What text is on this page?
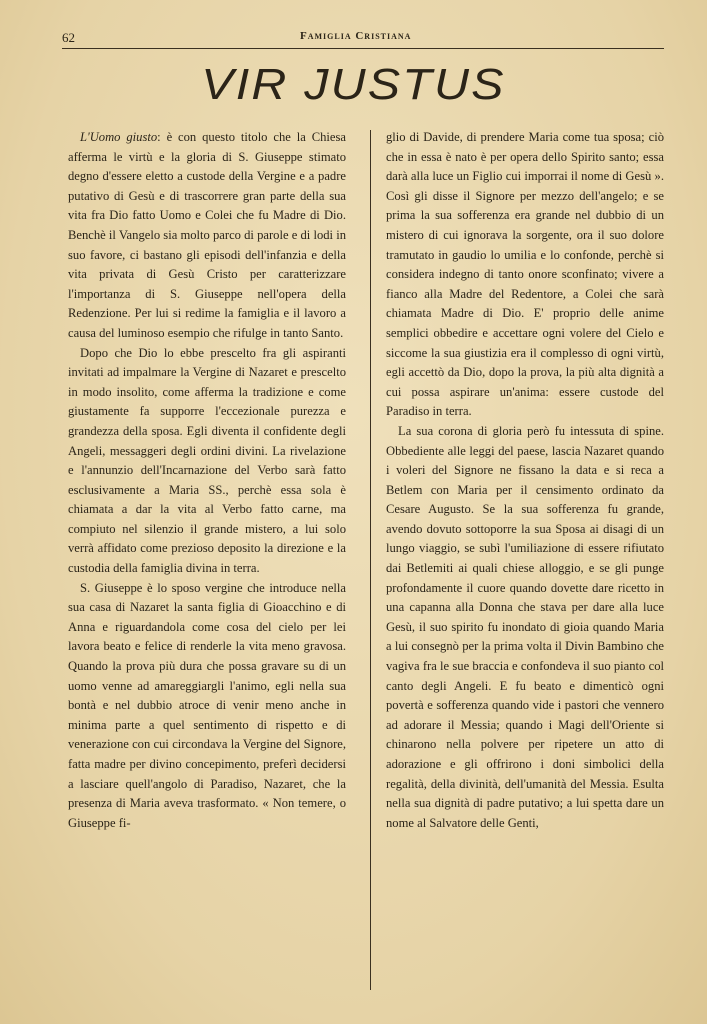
62	Famiglia Cristiana
VIR JUSTUS

L'Uomo giusto: è con questo titolo che la Chiesa afferma le virtù e la gloria di S. Giuseppe stimato degno d'essere eletto a custode della Vergine e a padre putativo di Gesù e di trascorrere gran parte della sua vita fra Dio fatto Uomo e Colei che fu Madre di Dio. Benchè il Vangelo sia molto parco di parole e di lodi in suo favore, ci bastano gli episodi dell'infanzia e della vita privata di Gesù Cristo per caratterizzare l'importanza di S. Giuseppe nell'opera della Redenzione. Per lui si redime la famiglia e il lavoro a causa del luminoso esempio che rifulge in tanto Santo.

Dopo che Dio lo ebbe prescelto fra gli aspiranti invitati ad impalmare la Vergine di Nazaret e prescelto in modo insolito, come afferma la tradizione e come giustamente fa supporre l'eccezionale purezza e grandezza della sposa. Egli diventa il confidente degli Angeli, messaggeri degli ordini divini. La rivelazione e l'annunzio dell'Incarnazione del Verbo sarà fatto esclusivamente a Maria SS., perchè essa sola è chiamata a dar la vita al Verbo fatto carne, ma compiuto nel silenzio il grande mistero, a lui solo verrà affidato come prezioso deposito la direzione e la custodia della famiglia divina in terra.

S. Giuseppe è lo sposo vergine che introduce nella sua casa di Nazaret la santa figlia di Gioacchino e di Anna e riguardandola come cosa del cielo per lei lavora beato e felice di renderle la vita meno gravosa. Quando la prova più dura che possa gravare su di un uomo venne ad amareggiargli l'animo, egli nella sua bontà e nel dubbio atroce di venir meno anche in minima parte a quel sentimento di rispetto e di venerazione con cui circondava la Vergine del Signore, fatta madre per divino concepimento, preferì decidersi a lasciare quell'angolo di Paradiso, Nazaret, che la presenza di Maria aveva trasformato. « Non temere, o Giuseppe fi-

glio di Davide, di prendere Maria come tua sposa; ciò che in essa è nato è per opera dello Spirito santo; essa darà alla luce un Figlio cui imporrai il nome di Gesù ». Così gli disse il Signore per mezzo dell'angelo; e se prima la sua sofferenza era grande nel dubbio di un mistero di cui ignorava la sorgente, ora il suo dolore tramutato in gaudio lo umilia e lo confonde, perchè si considera indegno di tanto onore sconfinato; vivere a fianco alla Madre del Redentore, a Colei che sarà chiamata Madre di Dio. E' proprio delle anime semplici obbedire e accettare ogni volere del Cielo e siccome la sua giustizia era il complesso di ogni virtù, egli accettò da Dio, dopo la prova, la più alta dignità a cui possa aspirare un'anima: essere custode del Paradiso in terra.

La sua corona di gloria però fu intessuta di spine. Obbediente alle leggi del paese, lascia Nazaret quando i voleri del Signore ne fissano la data e si reca a Betlem con Maria per il censimento ordinato da Cesare Augusto. Se la sua sofferenza fu grande, avendo dovuto sottoporre la sua Sposa ai disagi di un lungo viaggio, se subì l'umiliazione di essere rifiutato dai Betlemiti ai quali chiese alloggio, e se gli punge profondamente il cuore quando dovette dare ricetto in una capanna alla Donna che stava per dare alla luce Gesù, il suo spirito fu inondato di gioia quando Maria a lui consegnò per la prima volta il Divin Bambino che vagiva fra le sue braccia e confondeva il suo pianto col canto degli Angeli. E fu beato e dimenticò ogni povertà e sofferenza quando vide i pastori che vennero ad adorare il Messia; quando i Magi dell'Oriente si chinarono nella polvere per ripetere un atto di adorazione e gli offrirono i doni simbolici della regalità, della divinità, dell'umanità del Messia. Esulta nella sua dignità di padre putativo; a lui spetta dare un nome al Salvatore delle Genti,
